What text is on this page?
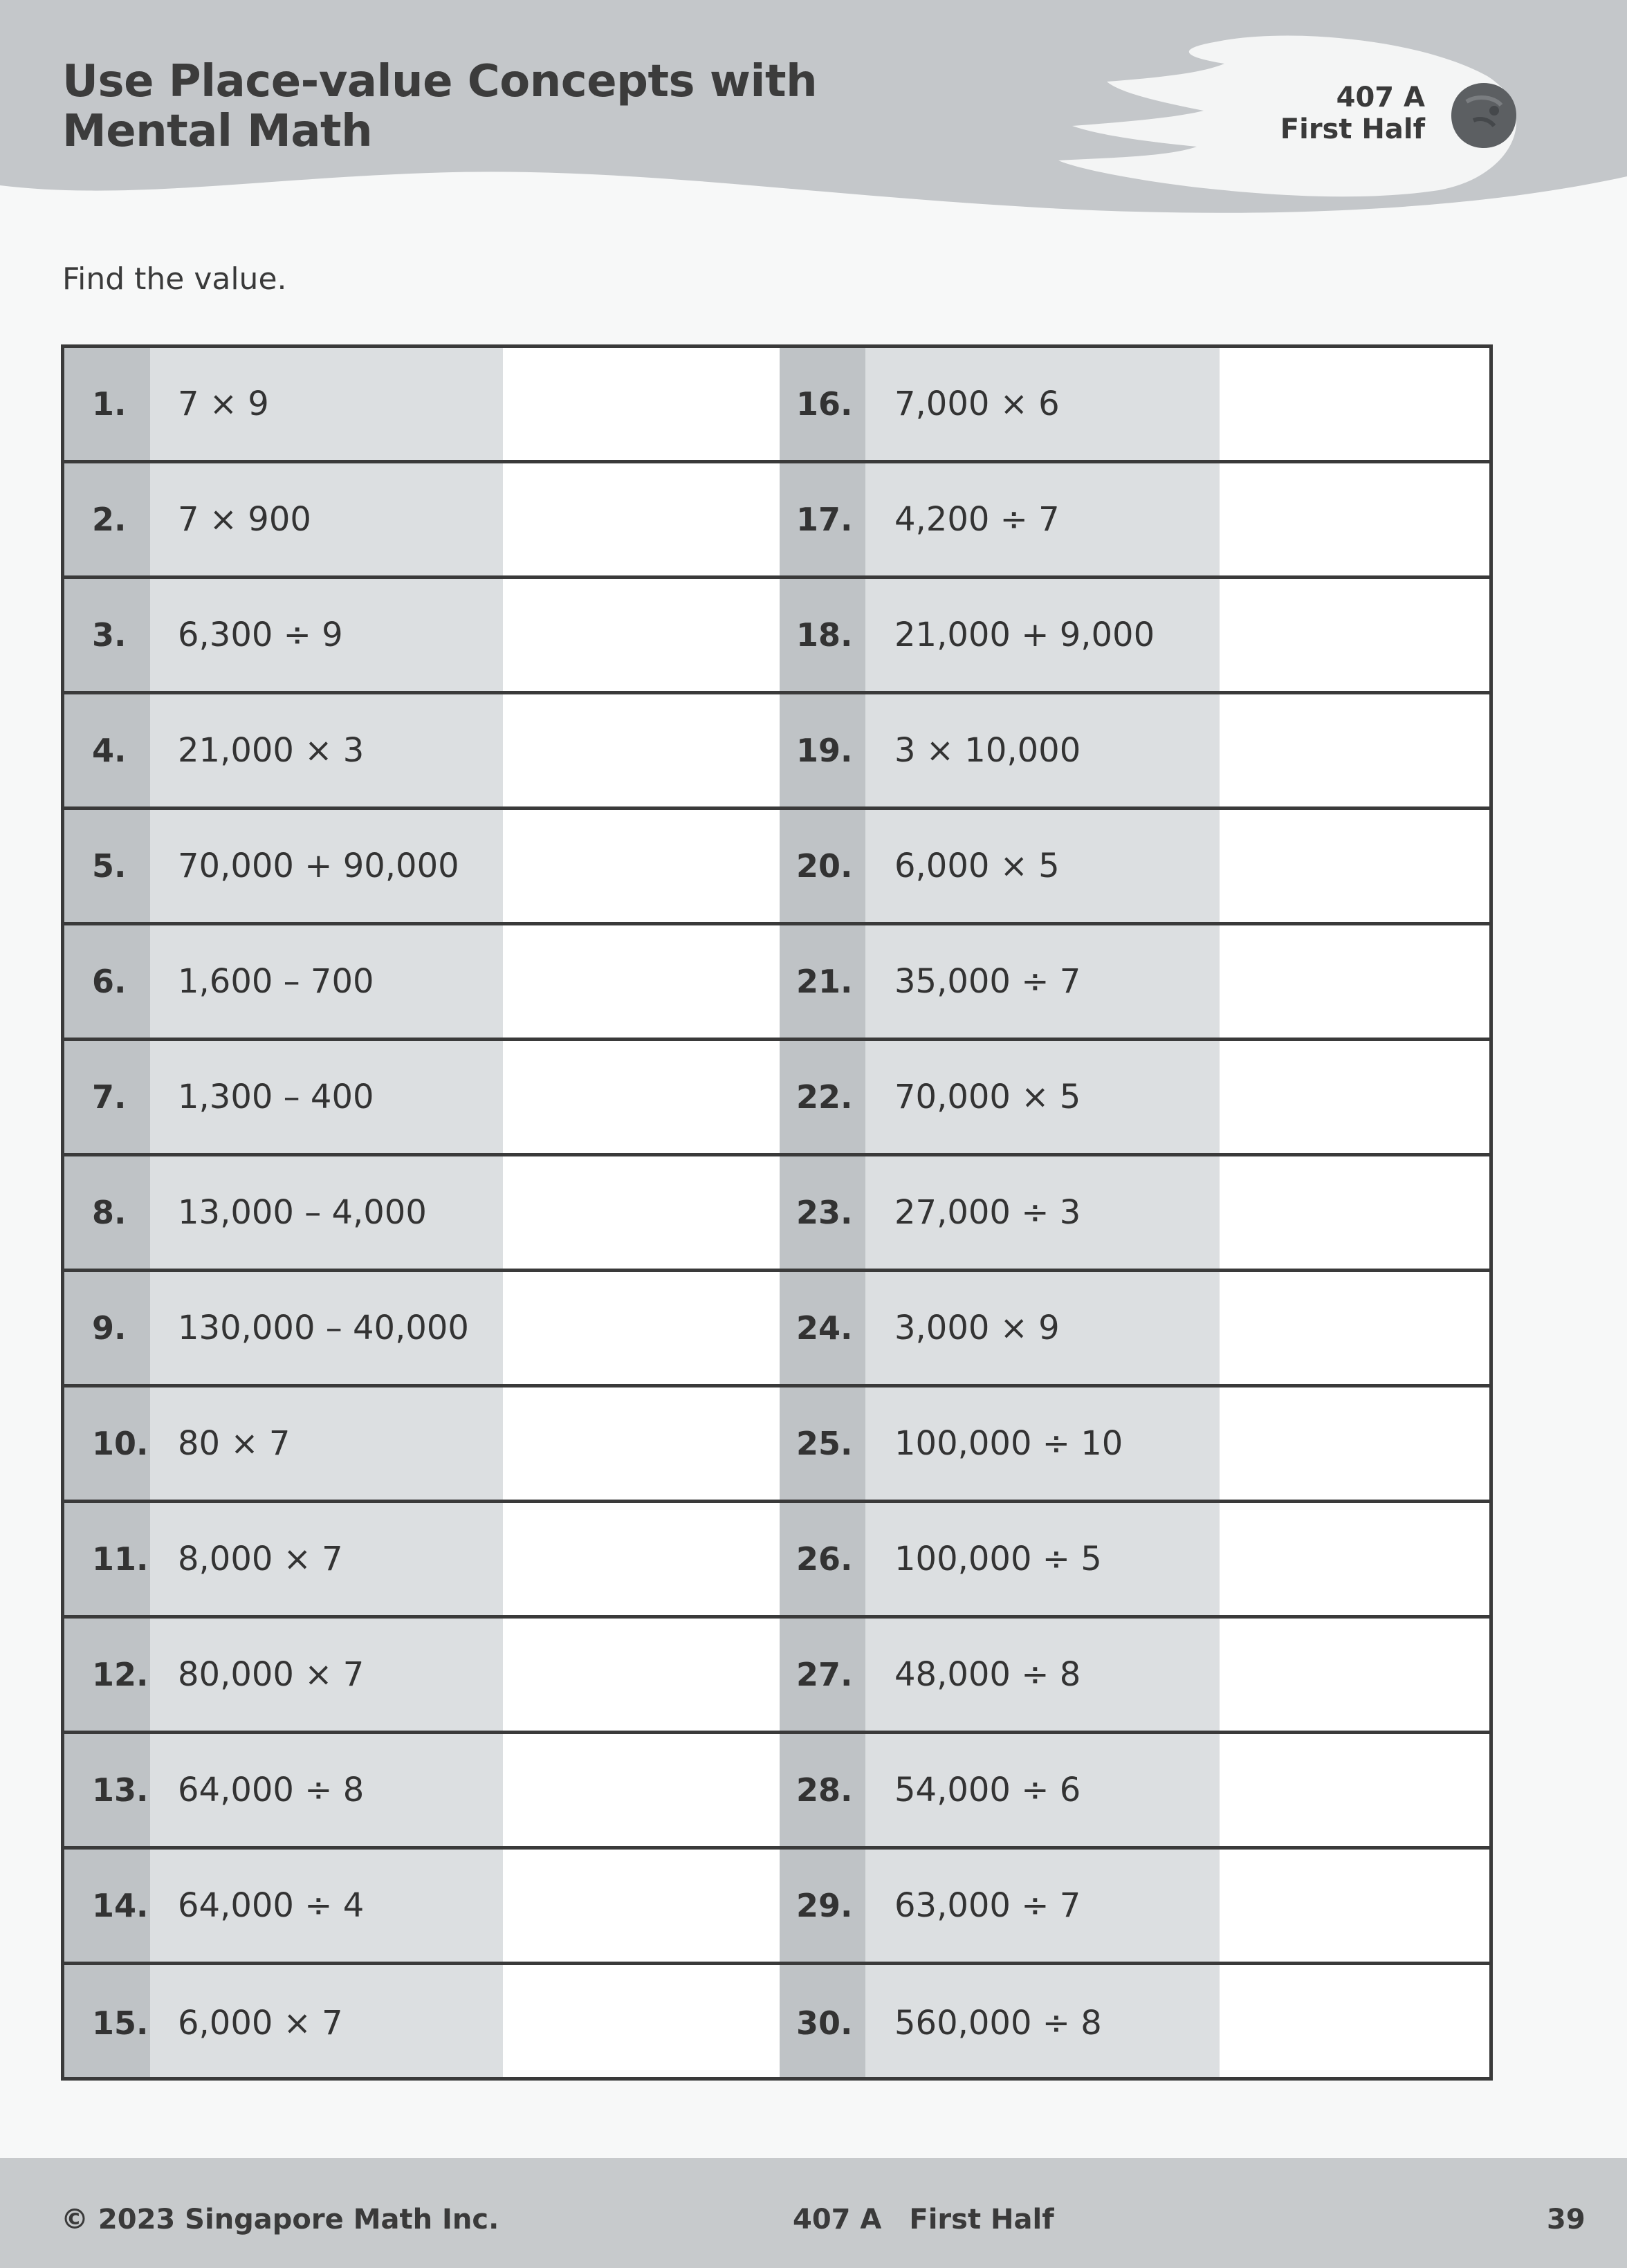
Use Place-value Concepts with
Mental Math
407 A
First Half

Find the value.

1. 7 × 9	16. 7,000 × 6
2. 7 × 900	17. 4,200 ÷ 7
3. 6,300 ÷ 9	18. 21,000 + 9,000
4. 21,000 × 3	19. 3 × 10,000
5. 70,000 + 90,000	20. 6,000 × 5
6. 1,600 – 700	21. 35,000 ÷ 7
7. 1,300 – 400	22. 70,000 × 5
8. 13,000 – 4,000	23. 27,000 ÷ 3
9. 130,000 – 40,000	24. 3,000 × 9
10. 80 × 7	25. 100,000 ÷ 10
11. 8,000 × 7	26. 100,000 ÷ 5
12. 80,000 × 7	27. 48,000 ÷ 8
13. 64,000 ÷ 8	28. 54,000 ÷ 6
14. 64,000 ÷ 4	29. 63,000 ÷ 7
15. 6,000 × 7	30. 560,000 ÷ 8
© 2023 Singapore Math Inc.	407 A First Half	39
